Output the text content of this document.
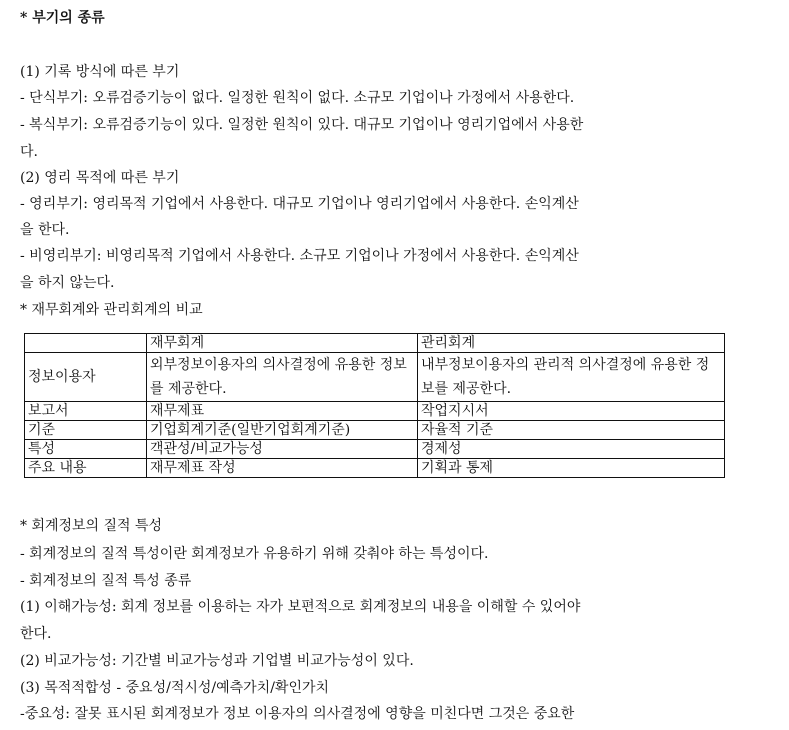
* 부기의 종류
(1) 기록 방식에 따른 부기
- 단식부기: 오류검증기능이 없다. 일정한 원칙이 없다. 소규모 기업이나 가정에서 사용한다.
- 복식부기: 오류검증기능이 있다. 일정한 원칙이 있다. 대규모 기업이나 영리기업에서 사용한
다.
(2) 영리 목적에 따른 부기
- 영리부기: 영리목적 기업에서 사용한다. 대규모 기업이나 영리기업에서 사용한다. 손익계산
을 한다.
- 비영리부기: 비영리목적 기업에서 사용한다. 소규모 기업이나 가정에서 사용한다. 손익계산
을 하지 않는다.
* 재무회계와 관리회계의 비교
	재무회계	관리회계
정보이용자	외부정보이용자의 의사결정에 유용한 정보를 제공한다.	내부정보이용자의 관리적 의사결정에 유용한 정보를 제공한다.
보고서	재무제표	작업지시서
기준	기업회계기준(일반기업회계기준)	자율적 기준
특성	객관성/비교가능성	경제성
주요 내용	재무제표 작성	기획과 통제
* 회계정보의 질적 특성
- 회계정보의 질적 특성이란 회계정보가 유용하기 위해 갖춰야 하는 특성이다.
- 회계정보의 질적 특성 종류
(1) 이해가능성: 회계 정보를 이용하는 자가 보편적으로 회계정보의 내용을 이해할 수 있어야
한다.
(2) 비교가능성: 기간별 비교가능성과 기업별 비교가능성이 있다.
(3) 목적적합성 - 중요성/적시성/예측가치/확인가치
-중요성: 잘못 표시된 회계정보가 정보 이용자의 의사결정에 영향을 미친다면 그것은 중요한
